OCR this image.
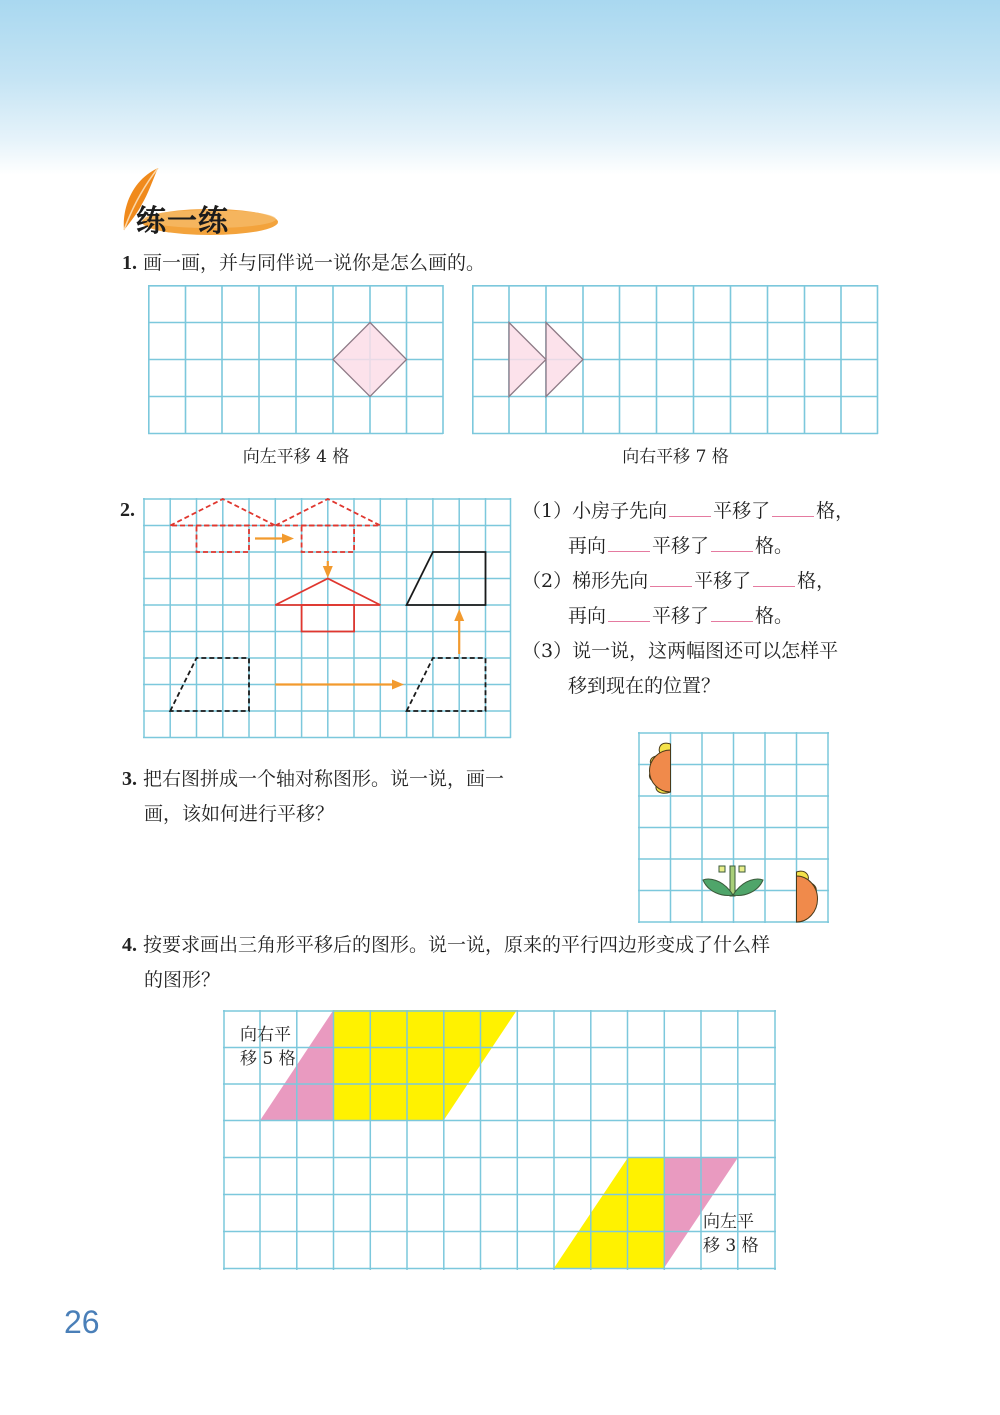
练一练
1. 画一画，并与同伴说一说你是怎么画的。
向左平移 4 格	向右平移 7 格
2.	（1）小房子先向 平移了 格，
再向 平移了 格。
（2）梯形先向 平移了 格，
再向 平移了 格。
（3）说一说，这两幅图还可以怎样平
移到现在的位置？
3. 把右图拼成一个轴对称图形。说一说，画一
画，该如何进行平移？
4. 按要求画出三角形平移后的图形。说一说，原来的平行四边形变成了什么样
的图形？
向右平
移 5 格
向左平
移 3 格
26
